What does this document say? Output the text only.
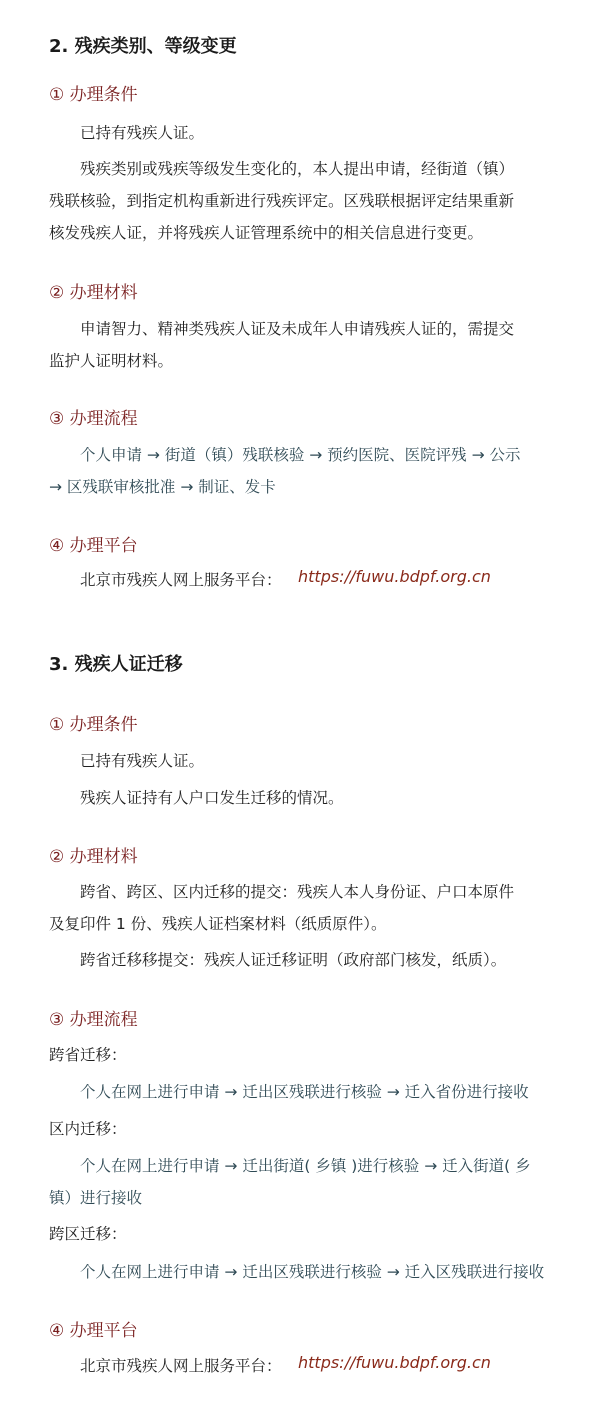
2. 残疾类别、等级变更
① 办理条件
已持有残疾人证。
残疾类别或残疾等级发生变化的，本人提出申请，经街道（镇）
残联核验，到指定机构重新进行残疾评定。区残联根据评定结果重新
核发残疾人证，并将残疾人证管理系统中的相关信息进行变更。
② 办理材料
申请智力、精神类残疾人证及未成年人申请残疾人证的，需提交
监护人证明材料。
③ 办理流程
个人申请 → 街道（镇）残联核验 → 预约医院、医院评残 → 公示
→ 区残联审核批准 → 制证、发卡
④ 办理平台
北京市残疾人网上服务平台： https://fuwu.bdpf.org.cn
3. 残疾人证迁移
① 办理条件
已持有残疾人证。
残疾人证持有人户口发生迁移的情况。
② 办理材料
跨省、跨区、区内迁移的提交：残疾人本人身份证、户口本原件
及复印件 1 份、残疾人证档案材料（纸质原件）。
跨省迁移移提交：残疾人证迁移证明（政府部门核发，纸质）。
③ 办理流程
跨省迁移：
个人在网上进行申请 → 迁出区残联进行核验 → 迁入省份进行接收
区内迁移：
个人在网上进行申请 → 迁出街道( 乡镇 )进行核验 → 迁入街道( 乡
镇）进行接收
跨区迁移：
个人在网上进行申请 → 迁出区残联进行核验 → 迁入区残联进行接收
④ 办理平台
北京市残疾人网上服务平台： https://fuwu.bdpf.org.cn
